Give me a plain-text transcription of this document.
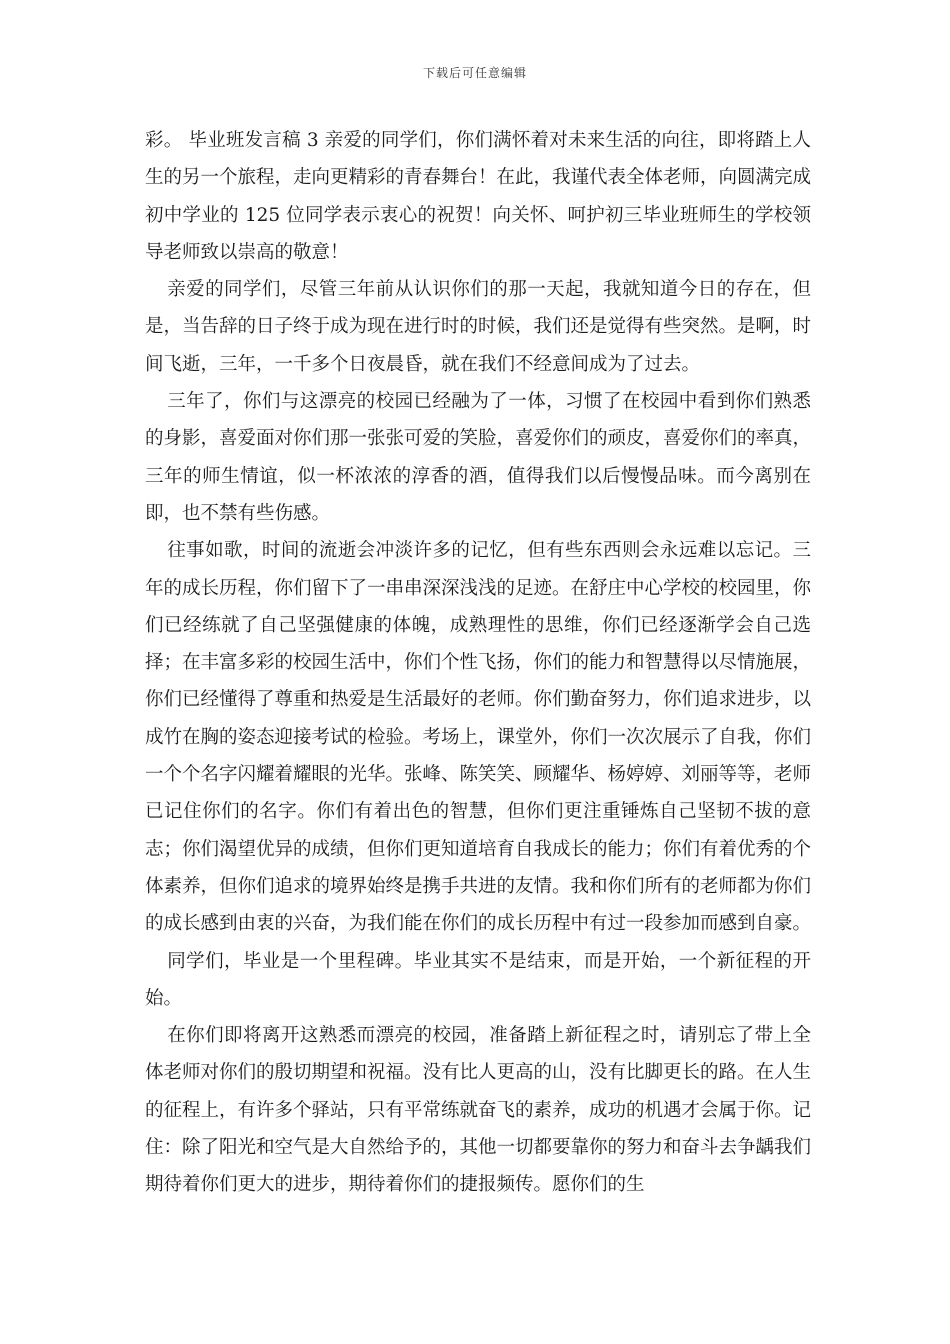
下载后可任意编辑

彩。 毕业班发言稿 3 亲爱的同学们，你们满怀着对未来生活的向往，即将踏上人生的另一个旅程，走向更精彩的青春舞台！在此，我谨代表全体老师，向圆满完成初中学业的 125 位同学表示衷心的祝贺！向关怀、呵护初三毕业班师生的学校领导老师致以崇高的敬意！

亲爱的同学们，尽管三年前从认识你们的那一天起，我就知道今日的存在，但是，当告辞的日子终于成为现在进行时的时候，我们还是觉得有些突然。是啊，时间飞逝，三年，一千多个日夜晨昏，就在我们不经意间成为了过去。

三年了，你们与这漂亮的校园已经融为了一体，习惯了在校园中看到你们熟悉的身影，喜爱面对你们那一张张可爱的笑脸，喜爱你们的顽皮，喜爱你们的率真，三年的师生情谊，似一杯浓浓的淳香的酒，值得我们以后慢慢品味。而今离别在即，也不禁有些伤感。

往事如歌，时间的流逝会冲淡许多的记忆，但有些东西则会永远难以忘记。三年的成长历程，你们留下了一串串深深浅浅的足迹。在舒庄中心学校的校园里，你们已经练就了自己坚强健康的体魄，成熟理性的思维，你们已经逐渐学会自己选择；在丰富多彩的校园生活中，你们个性飞扬，你们的能力和智慧得以尽情施展，你们已经懂得了尊重和热爱是生活最好的老师。你们勤奋努力，你们追求进步，以成竹在胸的姿态迎接考试的检验。考场上，课堂外，你们一次次展示了自我，你们一个个名字闪耀着耀眼的光华。张峰、陈笑笑、顾耀华、杨婷婷、刘丽等等，老师已记住你们的名字。你们有着出色的智慧，但你们更注重锤炼自己坚韧不拔的意志；你们渴望优异的成绩，但你们更知道培育自我成长的能力；你们有着优秀的个体素养，但你们追求的境界始终是携手共进的友情。我和你们所有的老师都为你们的成长感到由衷的兴奋，为我们能在你们的成长历程中有过一段参加而感到自豪。

同学们，毕业是一个里程碑。毕业其实不是结束，而是开始，一个新征程的开始。

在你们即将离开这熟悉而漂亮的校园，准备踏上新征程之时，请别忘了带上全体老师对你们的殷切期望和祝福。没有比人更高的山，没有比脚更长的路。在人生的征程上，有许多个驿站，只有平常练就奋飞的素养，成功的机遇才会属于你。记住：除了阳光和空气是大自然给予的，其他一切都要靠你的努力和奋斗去争龋我们期待着你们更大的进步，期待着你们的捷报频传。愿你们的生
